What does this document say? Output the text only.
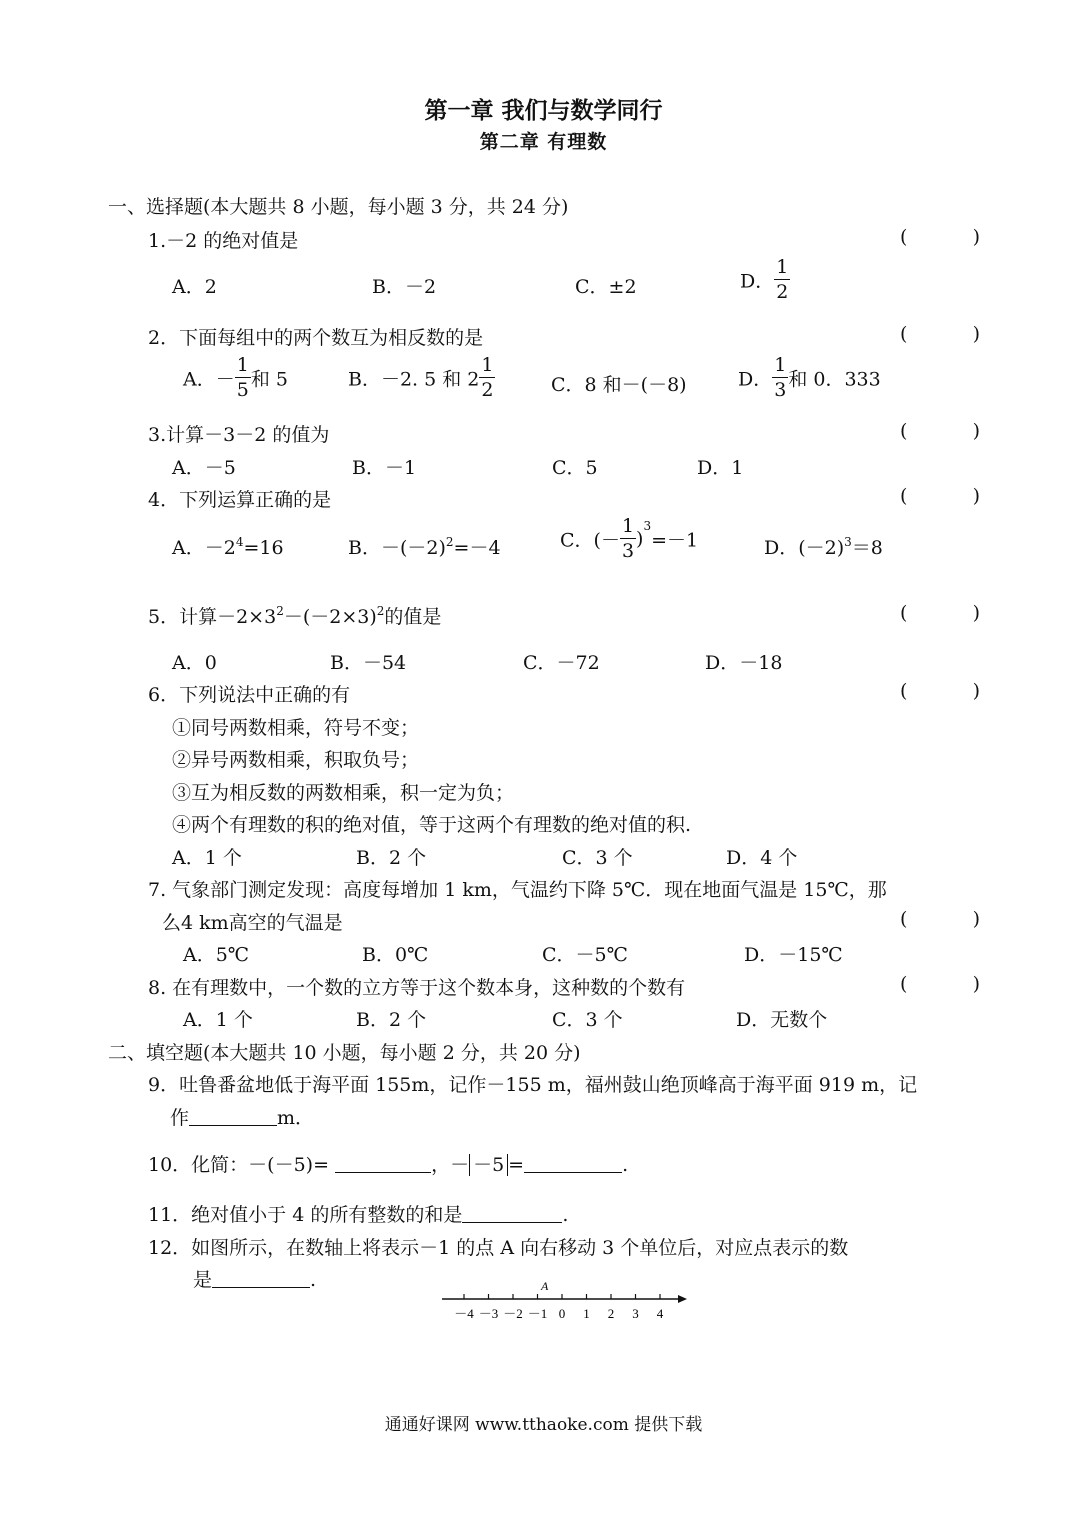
第一章 我们与数学同行
第二章 有理数
一、选择题(本大题共 8 小题，每小题 3 分，共 24 分)
1.－2 的绝对值是	(	)
A．2	B．－2	C．±2	D． $\frac{1}{2}$
2．下面每组中的两个数互为相反数的是	(	)
A．－ $\frac{1}{5}$ 和 5	B．－2. 5 和 $2 \frac{1}{2}$	C．8 和－(－8)	D． $\frac{1}{3}$ 和 0．333
3.计算－3－2 的值为	(	)
A．－5	B．－1	C．5	D．1
4．下列运算正确的是	(	)
A．$-2^4=16$	B．$-(-2)^2=-4$	C．(－ $\frac{1}{3} )^3=-1$	D．$(-2)^3=8$
5．计算$-2\times 3^2-(-2\times 3)^2$的值是	(	)
A．0	B．－54	C．－72	D．－18
6．下列说法中正确的有	(	)
①同号两数相乘，符号不变；
②异号两数相乘，积取负号；
③互为相反数的两数相乘，积一定为负；
④两个有理数的积的绝对值，等于这两个有理数的绝对值的积.
A．1 个	B．2 个	C．3 个	D．4 个
7. 气象部门测定发现：高度每增加 1 km，气温约下降 5℃．现在地面气温是 15℃，那
么4 km高空的气温是	(	)
A．5℃	B．0℃	C．－5℃	D．－15℃
8. 在有理数中，一个数的立方等于这个数本身，这种数的个数有	(	)
A．1 个	B．2 个	C．3 个	D．无数个
二、填空题(本大题共 10 小题，每小题 2 分，共 20 分)
9．吐鲁番盆地低于海平面 155m，记作－155 m，福州鼓山绝顶峰高于海平面 919 m，记
作	m．
10．化简：－(－5)=	，－ －5 =	.
11．绝对值小于 4 的所有整数的和是	.
12．如图所示，在数轴上将表示－1 的点 A 向右移动 3 个单位后，对应点表示的数
是	.
－4 －3 －2 －1 0 1 2 3 4
A
通通好课网 www.tthaoke.com 提供下载
